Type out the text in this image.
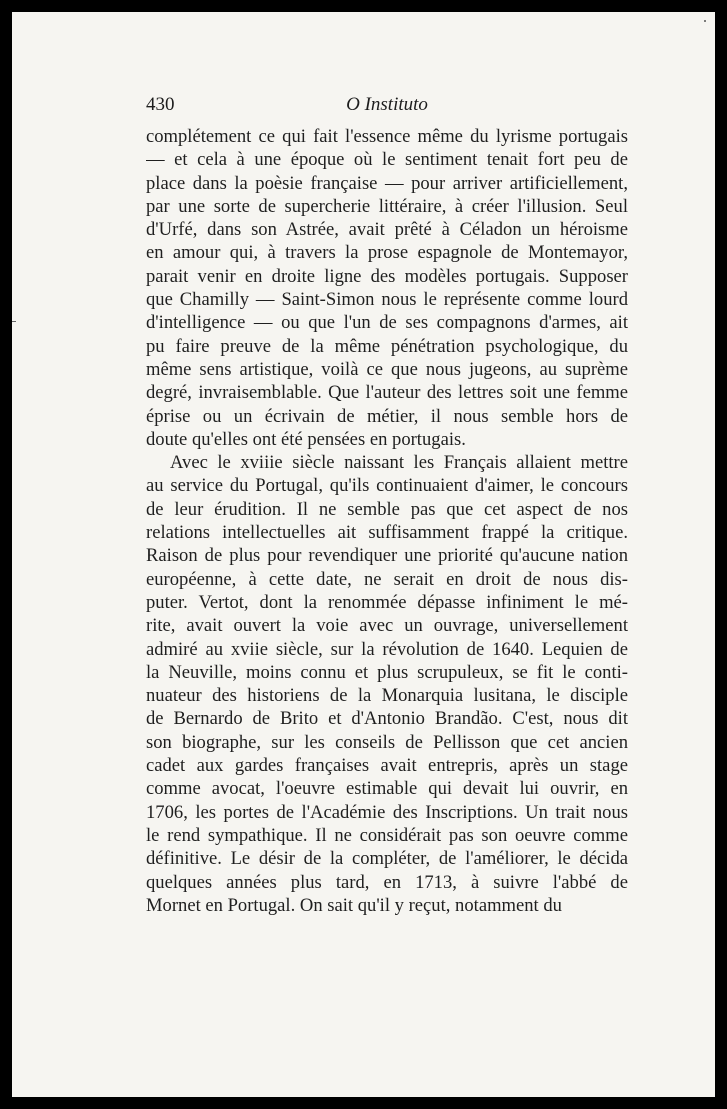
430	O Instituto
complétement ce qui fait l'essence même du lyrisme portugais
— et cela à une époque où le sentiment tenait fort peu de
place dans la poèsie française — pour arriver artificiellement,
par une sorte de supercherie littéraire, à créer l'illusion. Seul
d'Urfé, dans son Astrée, avait prêté à Céladon un héroisme
en amour qui, à travers la prose espagnole de Montemayor,
parait venir en droite ligne des modèles portugais. Supposer
que Chamilly — Saint-Simon nous le représente comme lourd
d'intelligence — ou que l'un de ses compagnons d'armes, ait
pu faire preuve de la même pénétration psychologique, du
même sens artistique, voilà ce que nous jugeons, au suprème
degré, invraisemblable. Que l'auteur des lettres soit une femme
éprise ou un écrivain de métier, il nous semble hors de
doute qu'elles ont été pensées en portugais.
Avec le xviiie siècle naissant les Français allaient mettre
au service du Portugal, qu'ils continuaient d'aimer, le concours
de leur érudition. Il ne semble pas que cet aspect de nos
relations intellectuelles ait suffisamment frappé la critique.
Raison de plus pour revendiquer une priorité qu'aucune nation
européenne, à cette date, ne serait en droit de nous dis-
puter. Vertot, dont la renommée dépasse infiniment le mé-
rite, avait ouvert la voie avec un ouvrage, universellement
admiré au xviie siècle, sur la révolution de 1640. Lequien de
la Neuville, moins connu et plus scrupuleux, se fit le conti-
nuateur des historiens de la Monarquia lusitana, le disciple
de Bernardo de Brito et d'Antonio Brandão. C'est, nous dit
son biographe, sur les conseils de Pellisson que cet ancien
cadet aux gardes françaises avait entrepris, après un stage
comme avocat, l'oeuvre estimable qui devait lui ouvrir, en
1706, les portes de l'Académie des Inscriptions. Un trait nous
le rend sympathique. Il ne considérait pas son oeuvre comme
définitive. Le désir de la compléter, de l'améliorer, le décida
quelques années plus tard, en 1713, à suivre l'abbé de
Mornet en Portugal. On sait qu'il y reçut, notamment du
